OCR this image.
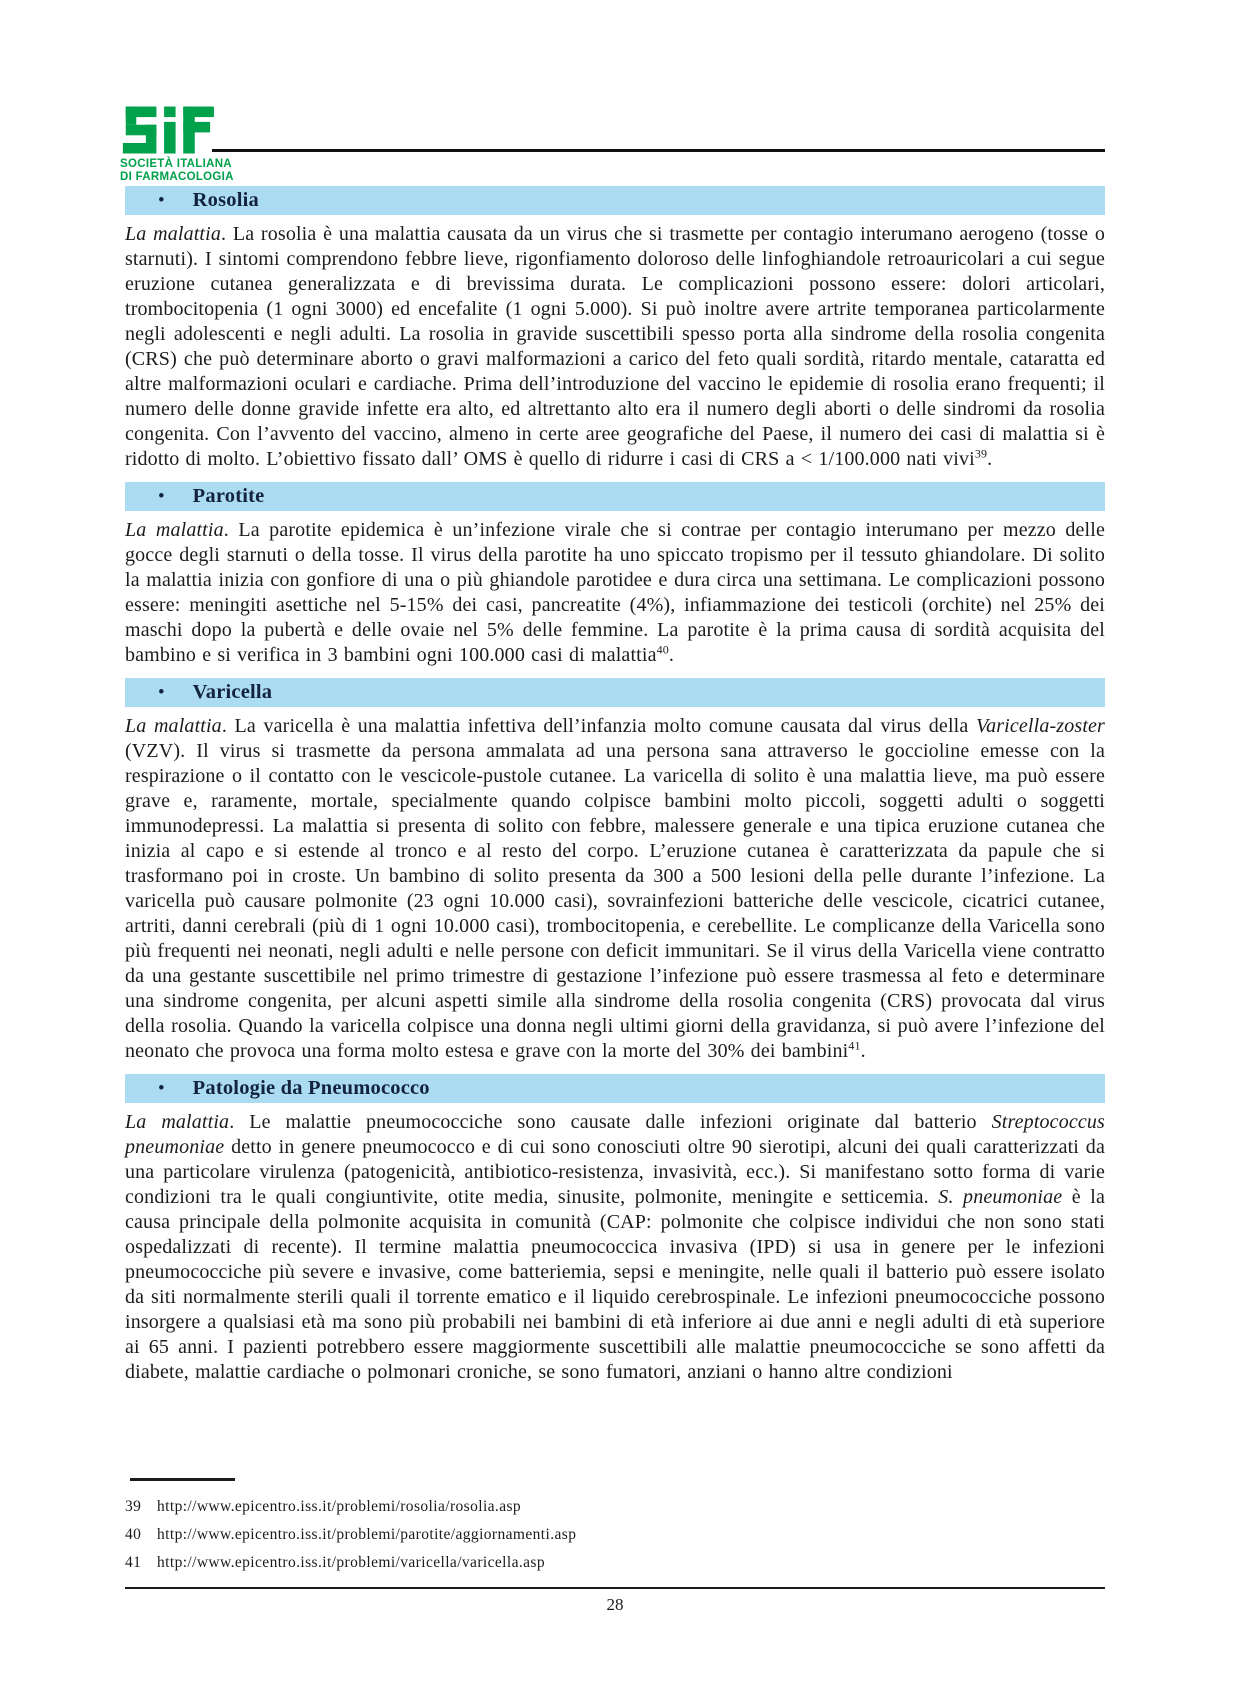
SOCIETÀ ITALIANA
DI FARMACOLOGIA
• Rosolia

La malattia. La rosolia è una malattia causata da un virus che si trasmette per contagio interumano aerogeno (tosse o starnuti). I sintomi comprendono febbre lieve, rigonfiamento doloroso delle linfoghiandole retroauricolari a cui segue eruzione cutanea generalizzata e di brevissima durata. Le complicazioni possono essere: dolori articolari, trombocitopenia (1 ogni 3000) ed encefalite (1 ogni 5.000). Si può inoltre avere artrite temporanea particolarmente negli adolescenti e negli adulti. La rosolia in gravide suscettibili spesso porta alla sindrome della rosolia congenita (CRS) che può determinare aborto o gravi malformazioni a carico del feto quali sordità, ritardo mentale, cataratta ed altre malformazioni oculari e cardiache. Prima dell’introduzione del vaccino le epidemie di rosolia erano frequenti; il numero delle donne gravide infette era alto, ed altrettanto alto era il numero degli aborti o delle sindromi da rosolia congenita. Con l’avvento del vaccino, almeno in certe aree geografiche del Paese, il numero dei casi di malattia si è ridotto di molto. L’obiettivo fissato dall’ OMS è quello di ridurre i casi di CRS a < 1/100.000 nati vivi$^{39}$.

• Parotite

La malattia. La parotite epidemica è un’infezione virale che si contrae per contagio interumano per mezzo delle gocce degli starnuti o della tosse. Il virus della parotite ha uno spiccato tropismo per il tessuto ghiandolare. Di solito la malattia inizia con gonfiore di una o più ghiandole parotidee e dura circa una settimana. Le complicazioni possono essere: meningiti asettiche nel 5-15% dei casi, pancreatite (4%), infiammazione dei testicoli (orchite) nel 25% dei maschi dopo la pubertà e delle ovaie nel 5% delle femmine. La parotite è la prima causa di sordità acquisita del bambino e si verifica in 3 bambini ogni 100.000 casi di malattia$^{40}$.

• Varicella

La malattia. La varicella è una malattia infettiva dell’infanzia molto comune causata dal virus della Varicella-zoster (VZV). Il virus si trasmette da persona ammalata ad una persona sana attraverso le goccioline emesse con la respirazione o il contatto con le vescicole-pustole cutanee. La varicella di solito è una malattia lieve, ma può essere grave e, raramente, mortale, specialmente quando colpisce bambini molto piccoli, soggetti adulti o soggetti immunodepressi. La malattia si presenta di solito con febbre, malessere generale e una tipica eruzione cutanea che inizia al capo e si estende al tronco e al resto del corpo. L’eruzione cutanea è caratterizzata da papule che si trasformano poi in croste. Un bambino di solito presenta da 300 a 500 lesioni della pelle durante l’infezione. La varicella può causare polmonite (23 ogni 10.000 casi), sovrainfezioni batteriche delle vescicole, cicatrici cutanee, artriti, danni cerebrali (più di 1 ogni 10.000 casi), trombocitopenia, e cerebellite. Le complicanze della Varicella sono più frequenti nei neonati, negli adulti e nelle persone con deficit immunitari. Se il virus della Varicella viene contratto da una gestante suscettibile nel primo trimestre di gestazione l’infezione può essere trasmessa al feto e determinare una sindrome congenita, per alcuni aspetti simile alla sindrome della rosolia congenita (CRS) provocata dal virus della rosolia. Quando la varicella colpisce una donna negli ultimi giorni della gravidanza, si può avere l’infezione del neonato che provoca una forma molto estesa e grave con la morte del 30% dei bambini$^{41}$.

• Patologie da Pneumococco

La malattia. Le malattie pneumococciche sono causate dalle infezioni originate dal batterio Streptococcus pneumoniae detto in genere pneumococco e di cui sono conosciuti oltre 90 sierotipi, alcuni dei quali caratterizzati da una particolare virulenza (patogenicità, antibiotico-resistenza, invasività, ecc.). Si manifestano sotto forma di varie condizioni tra le quali congiuntivite, otite media, sinusite, polmonite, meningite e setticemia. S. pneumoniae è la causa principale della polmonite acquisita in comunità (CAP: polmonite che colpisce individui che non sono stati ospedalizzati di recente). Il termine malattia pneumococcica invasiva (IPD) si usa in genere per le infezioni pneumococciche più severe e invasive, come batteriemia, sepsi e meningite, nelle quali il batterio può essere isolato da siti normalmente sterili quali il torrente ematico e il liquido cerebrospinale. Le infezioni pneumococciche possono insorgere a qualsiasi età ma sono più probabili nei bambini di età inferiore ai due anni e negli adulti di età superiore ai 65 anni. I pazienti potrebbero essere maggiormente suscettibili alle malattie pneumococciche se sono affetti da diabete, malattie cardiache o polmonari croniche, se sono fumatori, anziani o hanno altre condizioni

39 http://www.epicentro.iss.it/problemi/rosolia/rosolia.asp
40 http://www.epicentro.iss.it/problemi/parotite/aggiornamenti.asp
41 http://www.epicentro.iss.it/problemi/varicella/varicella.asp
28
